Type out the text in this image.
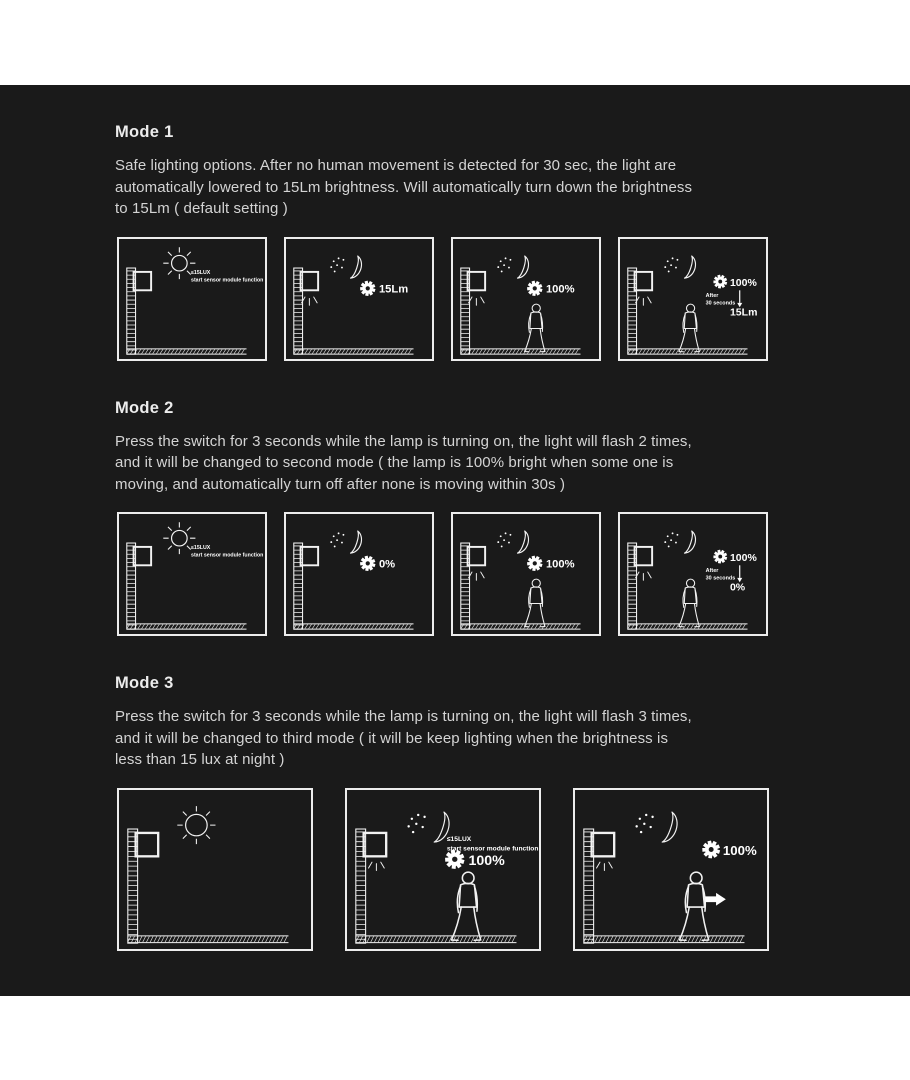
Mode 1
Safe lighting options. After no human movement is detected for 30 sec, the light are
automatically lowered to 15Lm brightness. Will automatically turn down the brightness
to 15Lm ( default setting )
≤15LUX
start sensor module function
15Lm	100%
100%
After
30 seconds
15Lm
Mode 2
Press the switch for 3 seconds while the lamp is turning on, the light will flash 2 times,
and it will be changed to second mode ( the lamp is 100% bright when some one is
moving, and automatically turn off after none is moving within 30s )
≤15LUX
start sensor module function
0%	100%
100%
After
30 seconds
0%
Mode 3
Press the switch for 3 seconds while the lamp is turning on, the light will flash 3 times,
and it will be changed to third mode ( it will be keep lighting when the brightness is
less than 15 lux at night )
≤15LUX
start sensor module function
100%
100%
